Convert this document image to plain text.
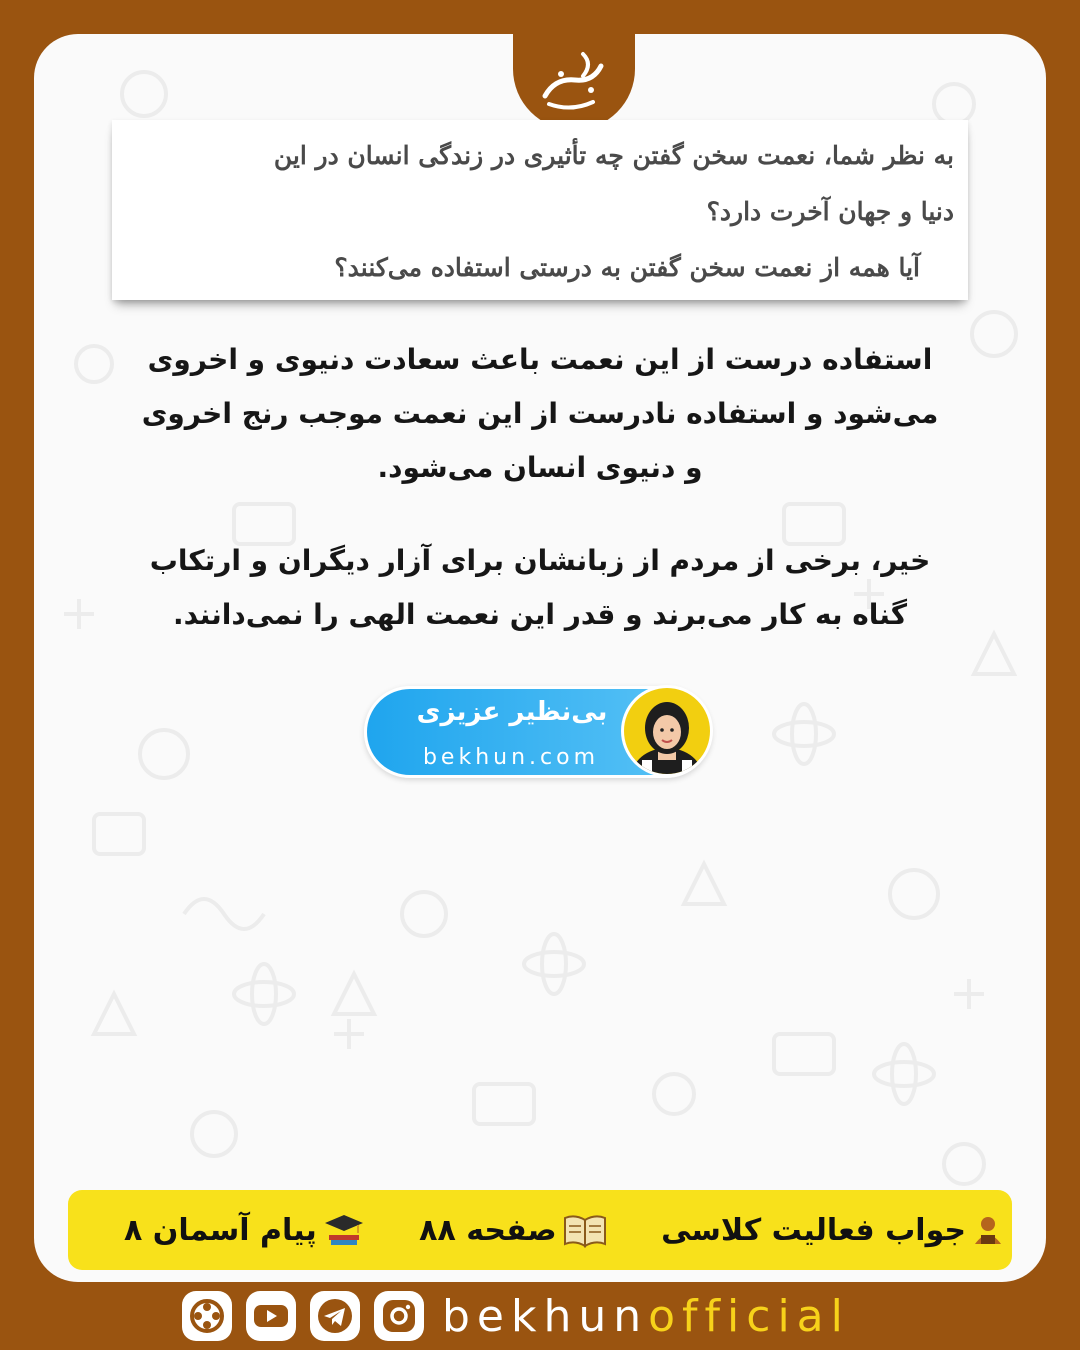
به نظر شما، نعمت سخن گفتن چه تأثیری در زندگی انسان در این

دنیا و جهان آخرت دارد؟

آیا همه از نعمت سخن گفتن به درستی استفاده می‌کنند؟

استفاده درست از این نعمت باعث سعادت دنیوی و اخروی
می‌شود و استفاده نادرست از این نعمت موجب رنج اخروی
و دنیوی انسان می‌شود.
خیر، برخی از مردم از زبانشان برای آزار دیگران و ارتکاب
گناه به کار می‌برند و قدر این نعمت الهی را نمی‌دانند.
بی‌نظیر عزیزی
bekhun.com
جواب فعالیت کلاسی
صفحه ۸۸
پیام آسمان ۸
bekhunofficial
